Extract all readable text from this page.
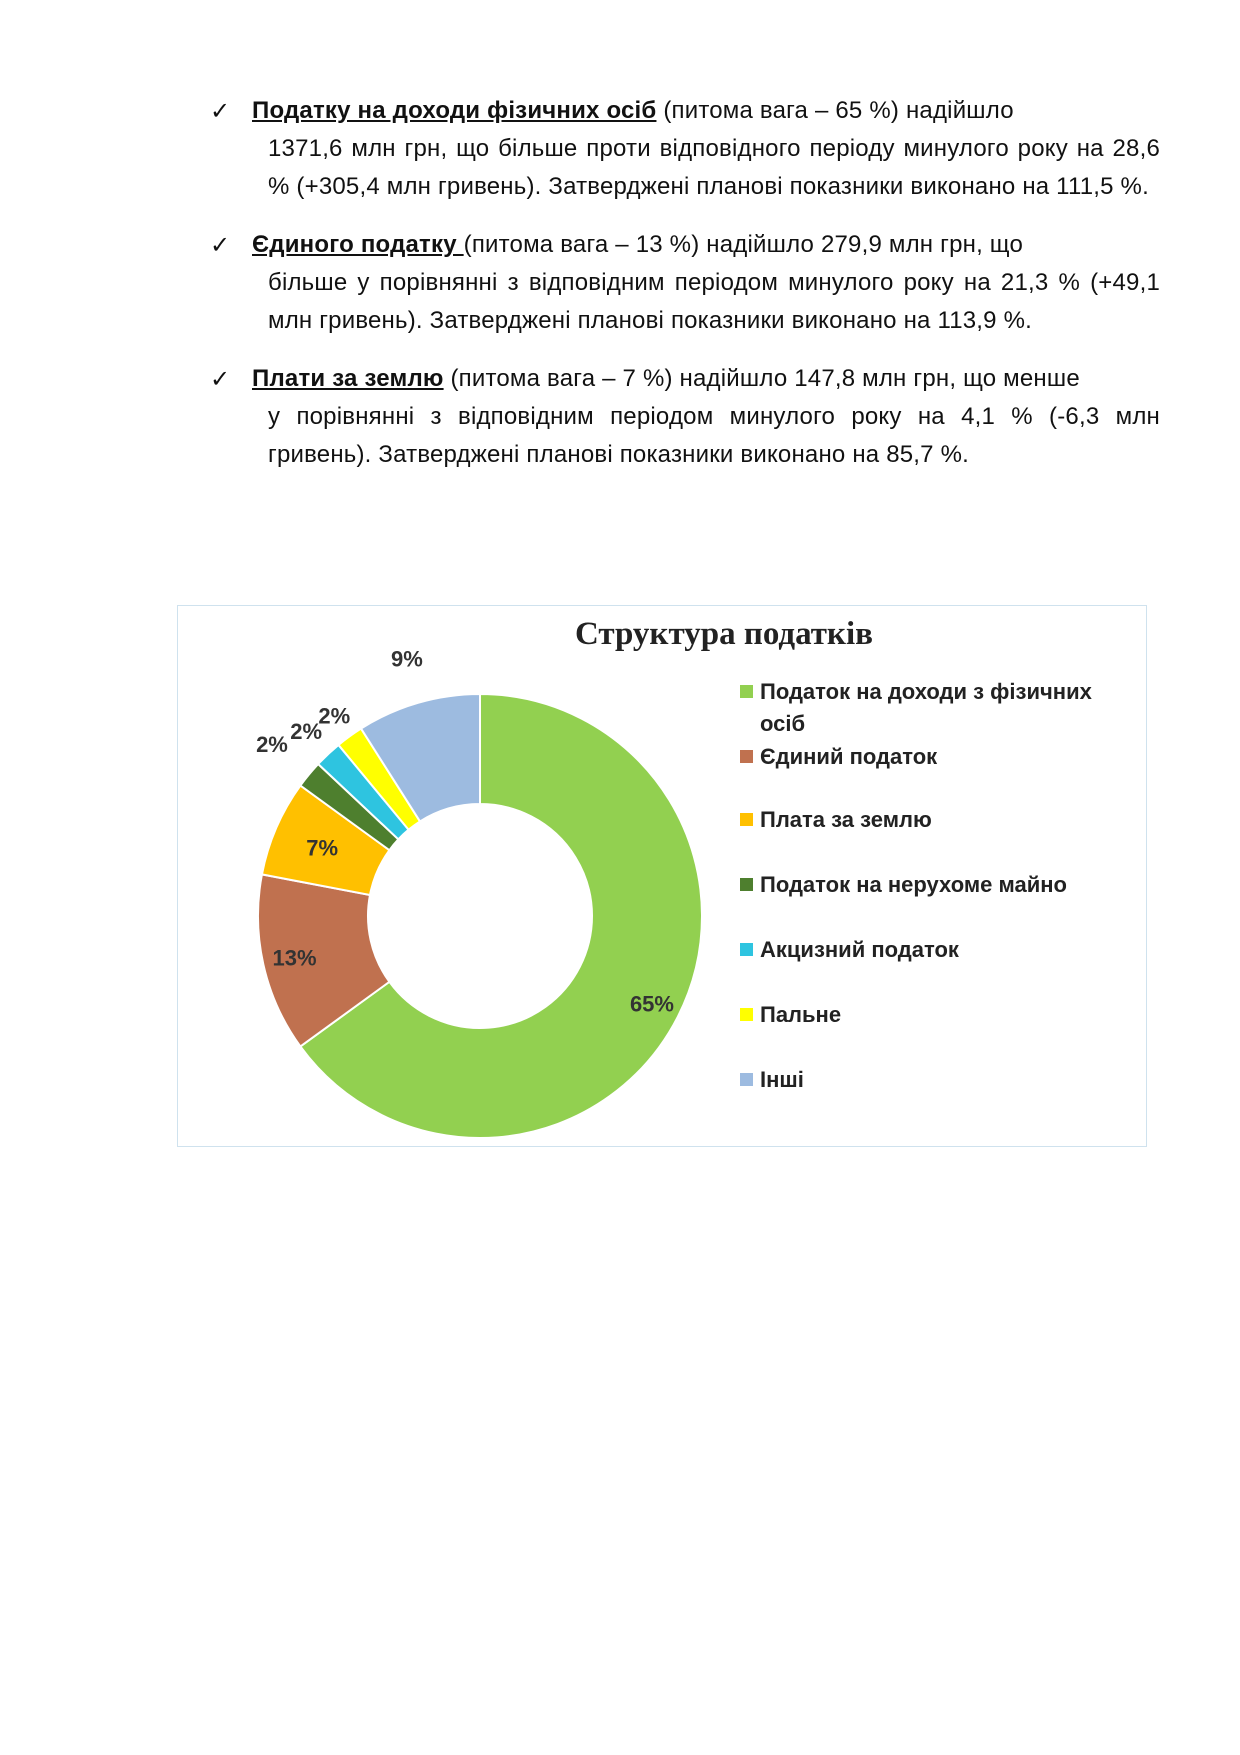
✓ Податку на доходи фізичних осіб (питома вага – 65 %) надійшло
1371,6 млн грн, що більше проти відповідного періоду минулого року на 28,6 % (+305,4 млн гривень). Затверджені планові показники виконано на 111,5 %.
✓ Єдиного податку (питома вага – 13 %) надійшло 279,9 млн грн, що
більше у порівнянні з відповідним періодом минулого року на 21,3 % (+49,1 млн гривень). Затверджені планові показники виконано на 113,9 %.
✓ Плати за землю (питома вага – 7 %) надійшло 147,8 млн грн, що менше
у порівнянні з відповідним періодом минулого року на 4,1 % (-6,3 млн гривень). Затверджені планові показники виконано на 85,7 %.
65%
13%
7%
2%
2%
2%
9%
Структура податків
Податок на доходи з фізичних осіб
Єдиний податок
Плата за землю
Податок на нерухоме майно
Акцизний податок
Пальне
Інші
